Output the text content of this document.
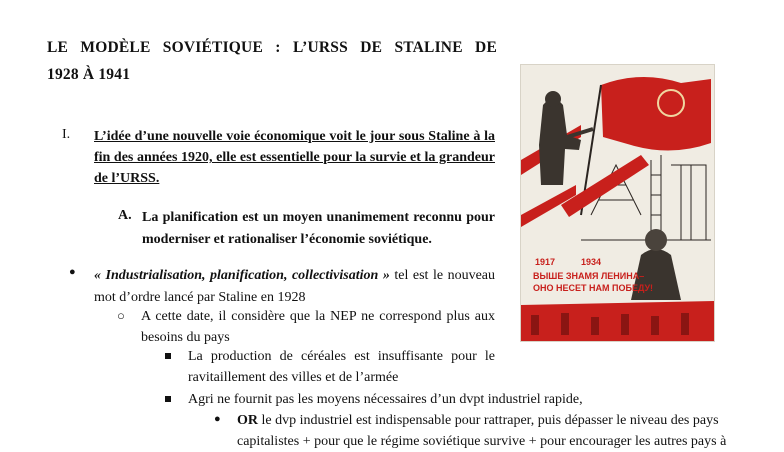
LE MODÈLE SOVIÉTIQUE : L’URSS DE STALINE DE
1928 À 1941
I. L’idée d’une nouvelle voie économique voit le jour sous Staline à la fin des années 1920, elle est essentielle pour la survie et la grandeur de l’URSS.
A. La planification est un moyen unanimement reconnu pour moderniser et rationaliser l’économie soviétique.
● « Industrialisation, planification, collectivisation » tel est le nouveau mot d’ordre lancé par Staline en 1928
○ A cette date, il considère que la NEP ne correspond plus aux besoins du pays
La production de céréales est insuffisante pour le ravitaillement des villes et de l’armée
Agri ne fournit pas les moyens nécessaires d’un dvpt industriel rapide,
● OR le dvp industriel est indispensable pour rattraper, puis dépasser le niveau des pays
capitalistes + pour que le régime soviétique survive + pour encourager les autres pays à
1917	1934
ВЫШЕ ЗНАМЯ ЛЕНИНА–
ОНО НЕСЕТ НАМ ПОБЕДУ!
